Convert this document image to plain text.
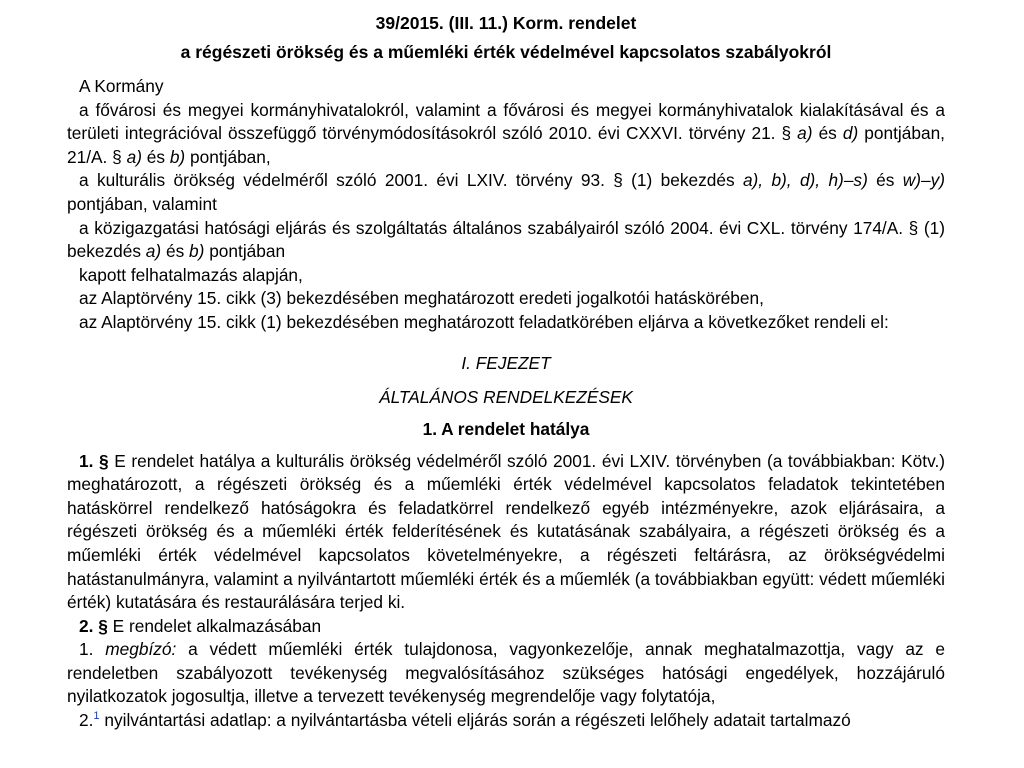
39/2015. (III. 11.) Korm. rendelet
a régészeti örökség és a műemléki érték védelmével kapcsolatos szabályokról
A Kormány
a fővárosi és megyei kormányhivatalokról, valamint a fővárosi és megyei kormányhivatalok kialakításával és a területi integrációval összefüggő törvénymódosításokról szóló 2010. évi CXXVI. törvény 21. § a) és d) pontjában, 21/A. § a) és b) pontjában,
a kulturális örökség védelméről szóló 2001. évi LXIV. törvény 93. § (1) bekezdés a), b), d), h)–s) és w)–y) pontjában, valamint
a közigazgatási hatósági eljárás és szolgáltatás általános szabályairól szóló 2004. évi CXL. törvény 174/A. § (1) bekezdés a) és b) pontjában
kapott felhatalmazás alapján,
az Alaptörvény 15. cikk (3) bekezdésében meghatározott eredeti jogalkotói hatáskörében,
az Alaptörvény 15. cikk (1) bekezdésében meghatározott feladatkörében eljárva a következőket rendeli el:
I. FEJEZET
ÁLTALÁNOS RENDELKEZÉSEK
1. A rendelet hatálya
1. § E rendelet hatálya a kulturális örökség védelméről szóló 2001. évi LXIV. törvényben (a továbbiakban: Kötv.) meghatározott, a régészeti örökség és a műemléki érték védelmével kapcsolatos feladatok tekintetében hatáskörrel rendelkező hatóságokra és feladatkörrel rendelkező egyéb intézményekre, azok eljárásaira, a régészeti örökség és a műemléki érték felderítésének és kutatásának szabályaira, a régészeti örökség és a műemléki érték védelmével kapcsolatos követelményekre, a régészeti feltárásra, az örökségvédelmi hatástanulmányra, valamint a nyilvántartott műemléki érték és a műemlék (a továbbiakban együtt: védett műemléki érték) kutatására és restaurálására terjed ki.
2. § E rendelet alkalmazásában
1. megbízó: a védett műemléki érték tulajdonosa, vagyonkezelője, annak meghatalmazottja, vagy az e rendeletben szabályozott tevékenység megvalósításához szükséges hatósági engedélyek, hozzájáruló nyilatkozatok jogosultja, illetve a tervezett tevékenység megrendelője vagy folytatója,
2.$^1$ nyilvántartási adatlap: a nyilvántartásba vételi eljárás során a régészeti lelőhely adatait tartalmazó
